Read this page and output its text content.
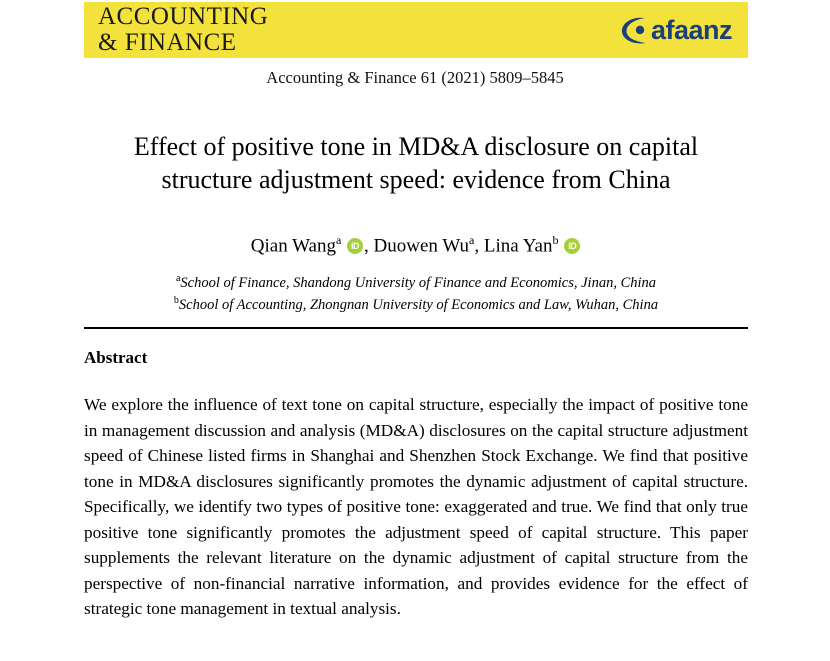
ACCOUNTING
& FINANCE	afaanz
Accounting & Finance 61 (2021) 5809–5845
Effect of positive tone in MD&A disclosure on capital
structure adjustment speed: evidence from China
Qian Wang$^a$ iD , Duowen Wu$^a$, Lina Yan$^b$ iD
$^a$School of Finance, Shandong University of Finance and Economics, Jinan, China
$^b$School of Accounting, Zhongnan University of Economics and Law, Wuhan, China
Abstract
We explore the influence of text tone on capital structure, especially the impact of positive tone in management discussion and analysis (MD&A) disclosures on the capital structure adjustment speed of Chinese listed firms in Shanghai and Shenzhen Stock Exchange. We find that positive tone in MD&A disclosures significantly promotes the dynamic adjustment of capital structure. Specifically, we identify two types of positive tone: exaggerated and true. We find that only true positive tone significantly promotes the adjustment speed of capital structure. This paper supplements the relevant literature on the dynamic adjustment of capital structure from the perspective of non-financial narrative information, and provides evidence for the effect of strategic tone management in textual analysis.
